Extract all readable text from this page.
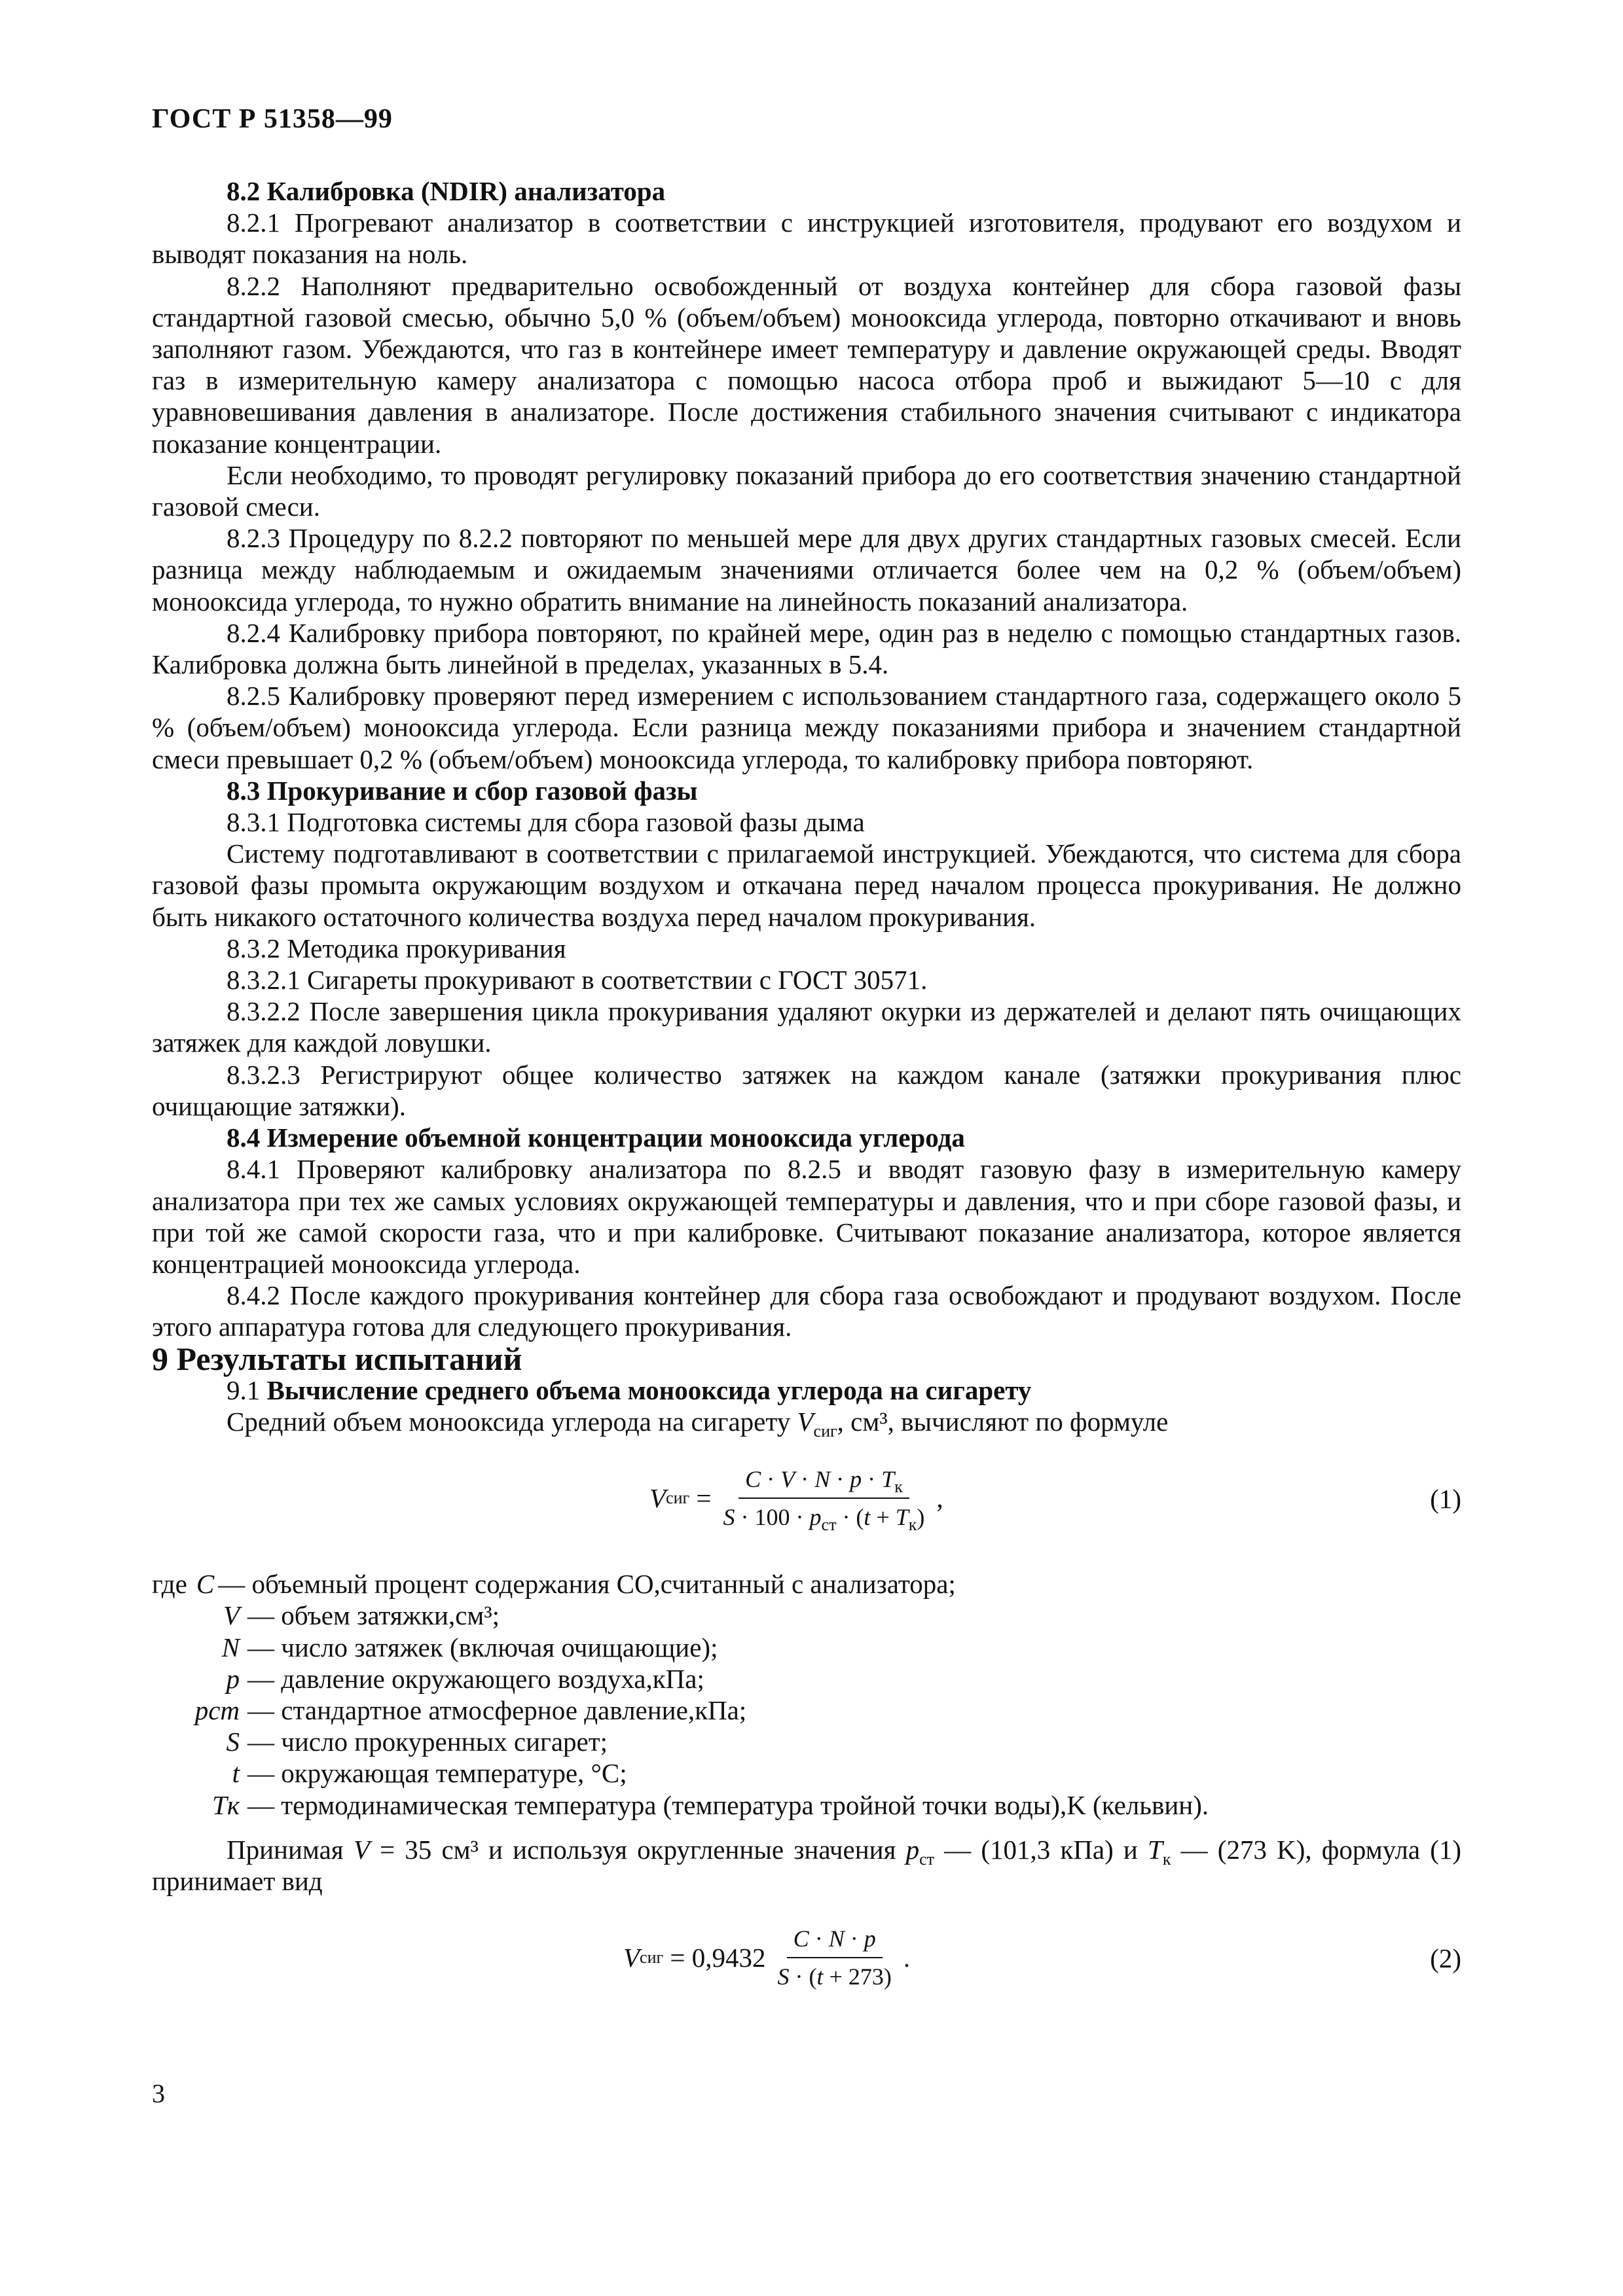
ГОСТ Р 51358—99

8.2 Калибровка (NDIR) анализатора

8.2.1 Прогревают анализатор в соответствии с инструкцией изготовителя, продувают его воздухом и выводят показания на ноль.

8.2.2 Наполняют предварительно освобожденный от воздуха контейнер для сбора газовой фазы стандартной газовой смесью, обычно 5,0 % (объем/объем) монооксида углерода, повторно откачивают и вновь заполняют газом. Убеждаются, что газ в контейнере имеет температуру и давление окружающей среды. Вводят газ в измерительную камеру анализатора с помощью насоса отбора проб и выжидают 5—10 с для уравновешивания давления в анализаторе. После достижения стабильного значения считывают с индикатора показание концентрации.

Если необходимо, то проводят регулировку показаний прибора до его соответствия значению стандартной газовой смеси.

8.2.3 Процедуру по 8.2.2 повторяют по меньшей мере для двух других стандартных газовых смесей. Если разница между наблюдаемым и ожидаемым значениями отличается более чем на 0,2 % (объем/объем) монооксида углерода, то нужно обратить внимание на линейность показаний анализатора.

8.2.4 Калибровку прибора повторяют, по крайней мере, один раз в неделю с помощью стандартных газов. Калибровка должна быть линейной в пределах, указанных в 5.4.

8.2.5 Калибровку проверяют перед измерением с использованием стандартного газа, содержащего около 5 % (объем/объем) монооксида углерода. Если разница между показаниями прибора и значением стандартной смеси превышает 0,2 % (объем/объем) монооксида углерода, то калибровку прибора повторяют.

8.3 Прокуривание и сбор газовой фазы

8.3.1 Подготовка системы для сбора газовой фазы дыма

Систему подготавливают в соответствии с прилагаемой инструкцией. Убеждаются, что система для сбора газовой фазы промыта окружающим воздухом и откачана перед началом процесса прокуривания. Не должно быть никакого остаточного количества воздуха перед началом прокуривания.

8.3.2 Методика прокуривания

8.3.2.1 Сигареты прокуривают в соответствии с ГОСТ 30571.

8.3.2.2 После завершения цикла прокуривания удаляют окурки из держателей и делают пять очищающих затяжек для каждой ловушки.

8.3.2.3 Регистрируют общее количество затяжек на каждом канале (затяжки прокуривания плюс очищающие затяжки).

8.4 Измерение объемной концентрации монооксида углерода

8.4.1 Проверяют калибровку анализатора по 8.2.5 и вводят газовую фазу в измерительную камеру анализатора при тех же самых условиях окружающей температуры и давления, что и при сборе газовой фазы, и при той же самой скорости газа, что и при калибровке. Считывают показание анализатора, которое является концентрацией монооксида углерода.

8.4.2 После каждого прокуривания контейнер для сбора газа освобождают и продувают воздухом. После этого аппаратура готова для следующего прокуривания.

9 Результаты испытаний

9.1 Вычисление среднего объема монооксида углерода на сигарету

Средний объем монооксида углерода на сигарету $V_{сиг}$, см³, вычисляют по формуле

V сиг = $\frac{C \cdot V \cdot N \cdot p \cdot T_к}{S \cdot 100 \cdot p_{ст} \cdot (t + T_к)}$ ,	(1)
где C — объемный процент содержания СО,считанный с анализатора;
V — объем затяжки,см³;
N — число затяжек (включая очищающие);
p — давление окружающего воздуха,кПа;
pст — стандартное атмосферное давление,кПа;
S — число прокуренных сигарет;
t — окружающая температуре, °C;
Tк — термодинамическая температура (температура тройной точки воды),K (кельвин).

Принимая V = 35 см³ и используя округленные значения $p_{ст}$ — (101,3 кПа) и $T_к$ — (273 K), формула (1) принимает вид

V сиг
= $0,9432 \frac{C \cdot N \cdot p}{S \cdot (t + 273)}$ .	(2)
3
